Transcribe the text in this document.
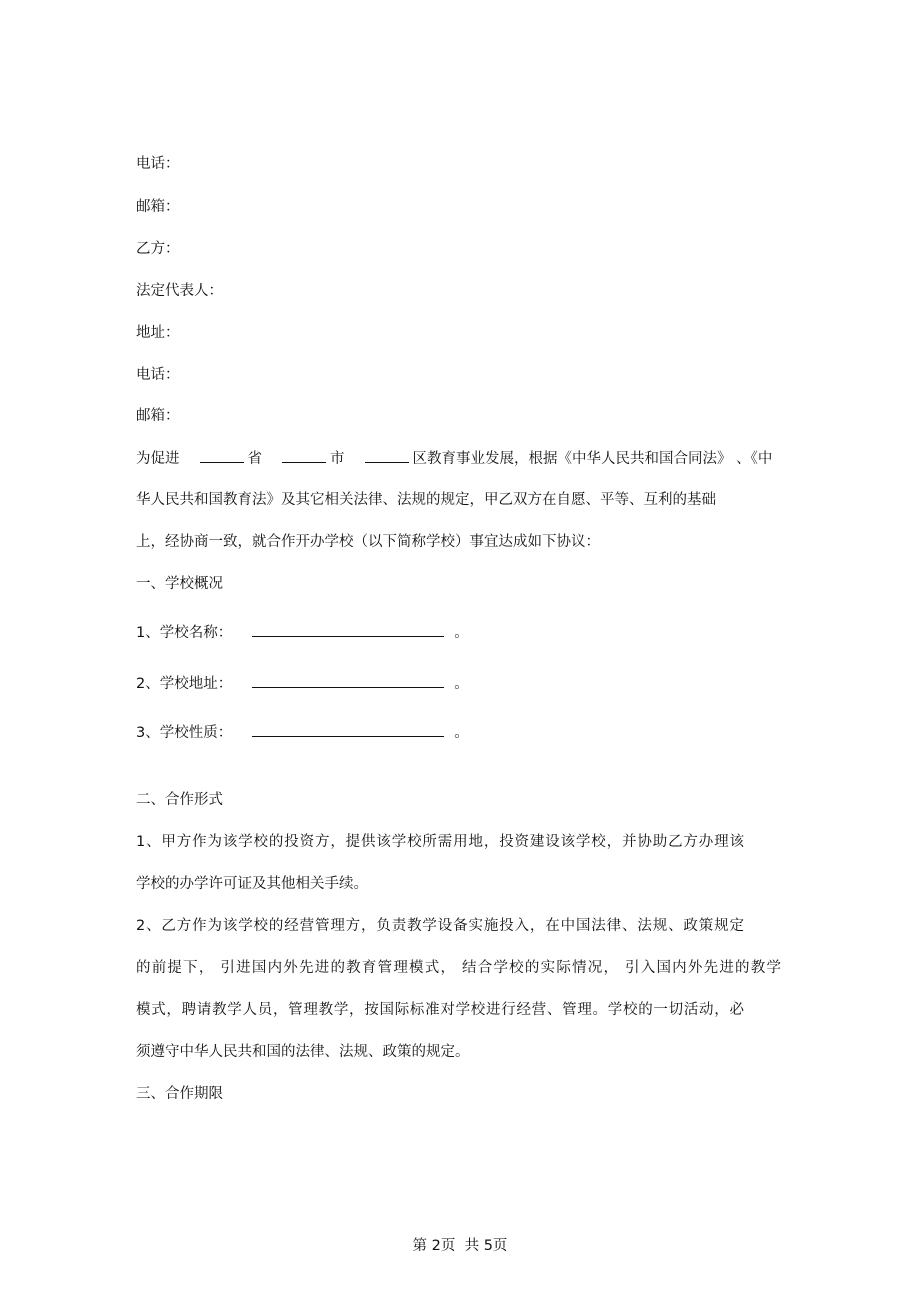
电话：
邮箱：
乙方：
法定代表人：
地址：
电话：
邮箱：
为促进	省	市	区教育事业发展，根据《中华人民共和国合同法》 、《中
华人民共和国教育法》及其它相关法律、法规的规定，甲乙双方在自愿、平等、互利的基础
上，经协商一致，就合作开办学校（以下简称学校）事宜达成如下协议：
一、学校概况
1、学校名称：	。
2、学校地址：	。
3、学校性质：	。
二、合作形式
1、甲方作为该学校的投资方，提供该学校所需用地，投资建设该学校，并协助乙方办理该
学校的办学许可证及其他相关手续。
2、乙方作为该学校的经营管理方，负责教学设备实施投入，在中国法律、法规、政策规定
的前提下， 引进国内外先进的教育管理模式， 结合学校的实际情况， 引入国内外先进的教学
模式，聘请教学人员，管理教学，按国际标准对学校进行经营、管理。学校的一切活动，必
须遵守中华人民共和国的法律、法规、政策的规定。
三、合作期限
第 2页  共 5页
